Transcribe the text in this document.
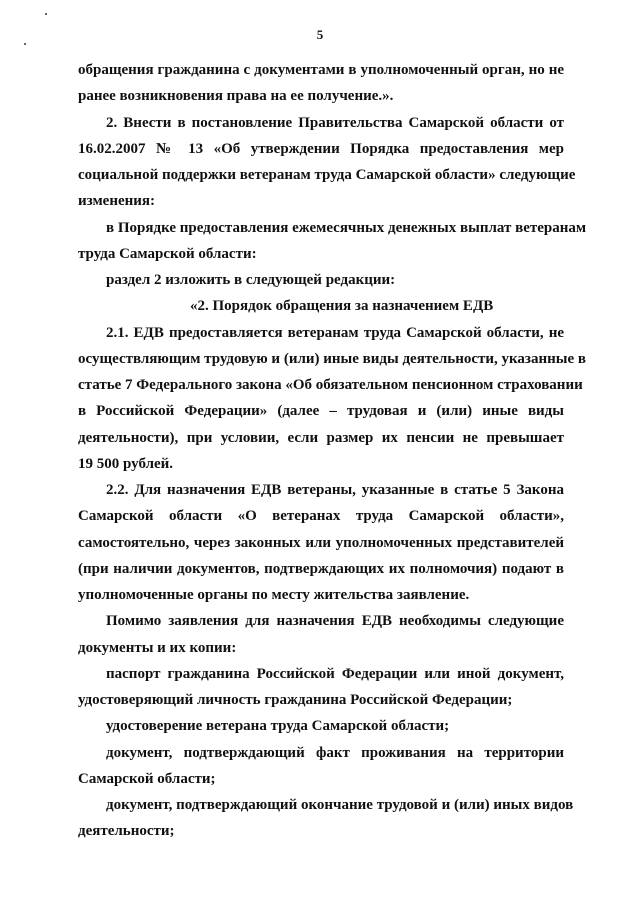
5
обращения гражданина с документами в уполномоченный орган, но не
ранее возникновения права на ее получение.».
2. Внести в постановление Правительства Самарской области от
16.02.2007 № 13 «Об утверждении Порядка предоставления мер
социальной поддержки ветеранам труда Самарской области» следующие
изменения:
в Порядке предоставления ежемесячных денежных выплат ветеранам
труда Самарской области:
раздел 2 изложить в следующей редакции:
«2. Порядок обращения за назначением ЕДВ
2.1. ЕДВ предоставляется ветеранам труда Самарской области, не
осуществляющим трудовую и (или) иные виды деятельности, указанные в
статье 7 Федерального закона «Об обязательном пенсионном страховании
в Российской Федерации» (далее – трудовая и (или) иные виды
деятельности), при условии, если размер их пенсии не превышает
19 500 рублей.
2.2. Для назначения ЕДВ ветераны, указанные в статье 5 Закона
Самарской области «О ветеранах труда Самарской области»,
самостоятельно, через законных или уполномоченных представителей
(при наличии документов, подтверждающих их полномочия) подают в
уполномоченные органы по месту жительства заявление.
Помимо заявления для назначения ЕДВ необходимы следующие
документы и их копии:
паспорт гражданина Российской Федерации или иной документ,
удостоверяющий личность гражданина Российской Федерации;
удостоверение ветерана труда Самарской области;
документ, подтверждающий факт проживания на территории
Самарской области;
документ, подтверждающий окончание трудовой и (или) иных видов
деятельности;
